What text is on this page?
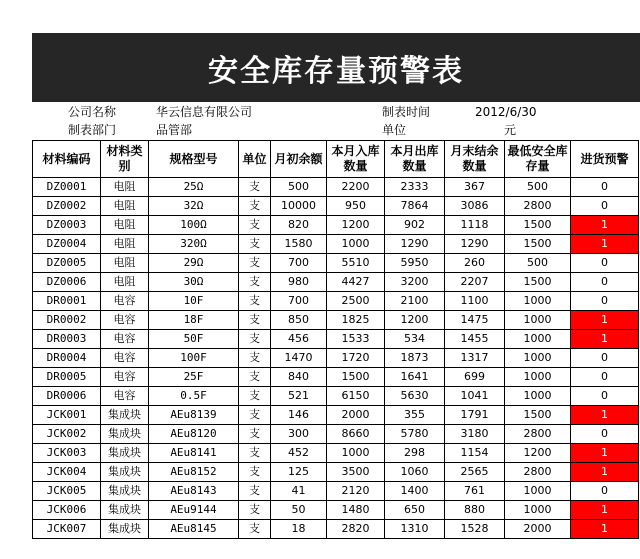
安全库存量预警表
公司名称	华云信息有限公司	制表时间	2012/6/30
制表部门	品管部	单位	元
材料编码	材料类别	规格型号	单位	月初余额	本月入库数量	本月出库数量	月末结余数量	最低安全库存量	进货预警
DZ0001	电阻	25Ω	支	500	2200	2333	367	500	0
DZ0002	电阻	32Ω	支	10000	950	7864	3086	2800	0
DZ0003	电阻	100Ω	支	820	1200	902	1118	1500	1
DZ0004	电阻	320Ω	支	1580	1000	1290	1290	1500	1
DZ0005	电阻	29Ω	支	700	5510	5950	260	500	0
DZ0006	电阻	30Ω	支	980	4427	3200	2207	1500	0
DR0001	电容	10F	支	700	2500	2100	1100	1000	0
DR0002	电容	18F	支	850	1825	1200	1475	1000	1
DR0003	电容	50F	支	456	1533	534	1455	1000	1
DR0004	电容	100F	支	1470	1720	1873	1317	1000	0
DR0005	电容	25F	支	840	1500	1641	699	1000	0
DR0006	电容	0.5F	支	521	6150	5630	1041	1000	0
JCK001	集成块	AEu8139	支	146	2000	355	1791	1500	1
JCK002	集成块	AEu8120	支	300	8660	5780	3180	2800	0
JCK003	集成块	AEu8141	支	452	1000	298	1154	1200	1
JCK004	集成块	AEu8152	支	125	3500	1060	2565	2800	1
JCK005	集成块	AEu8143	支	41	2120	1400	761	1000	0
JCK006	集成块	AEu9144	支	50	1480	650	880	1000	1
JCK007	集成块	AEu8145	支	18	2820	1310	1528	2000	1
